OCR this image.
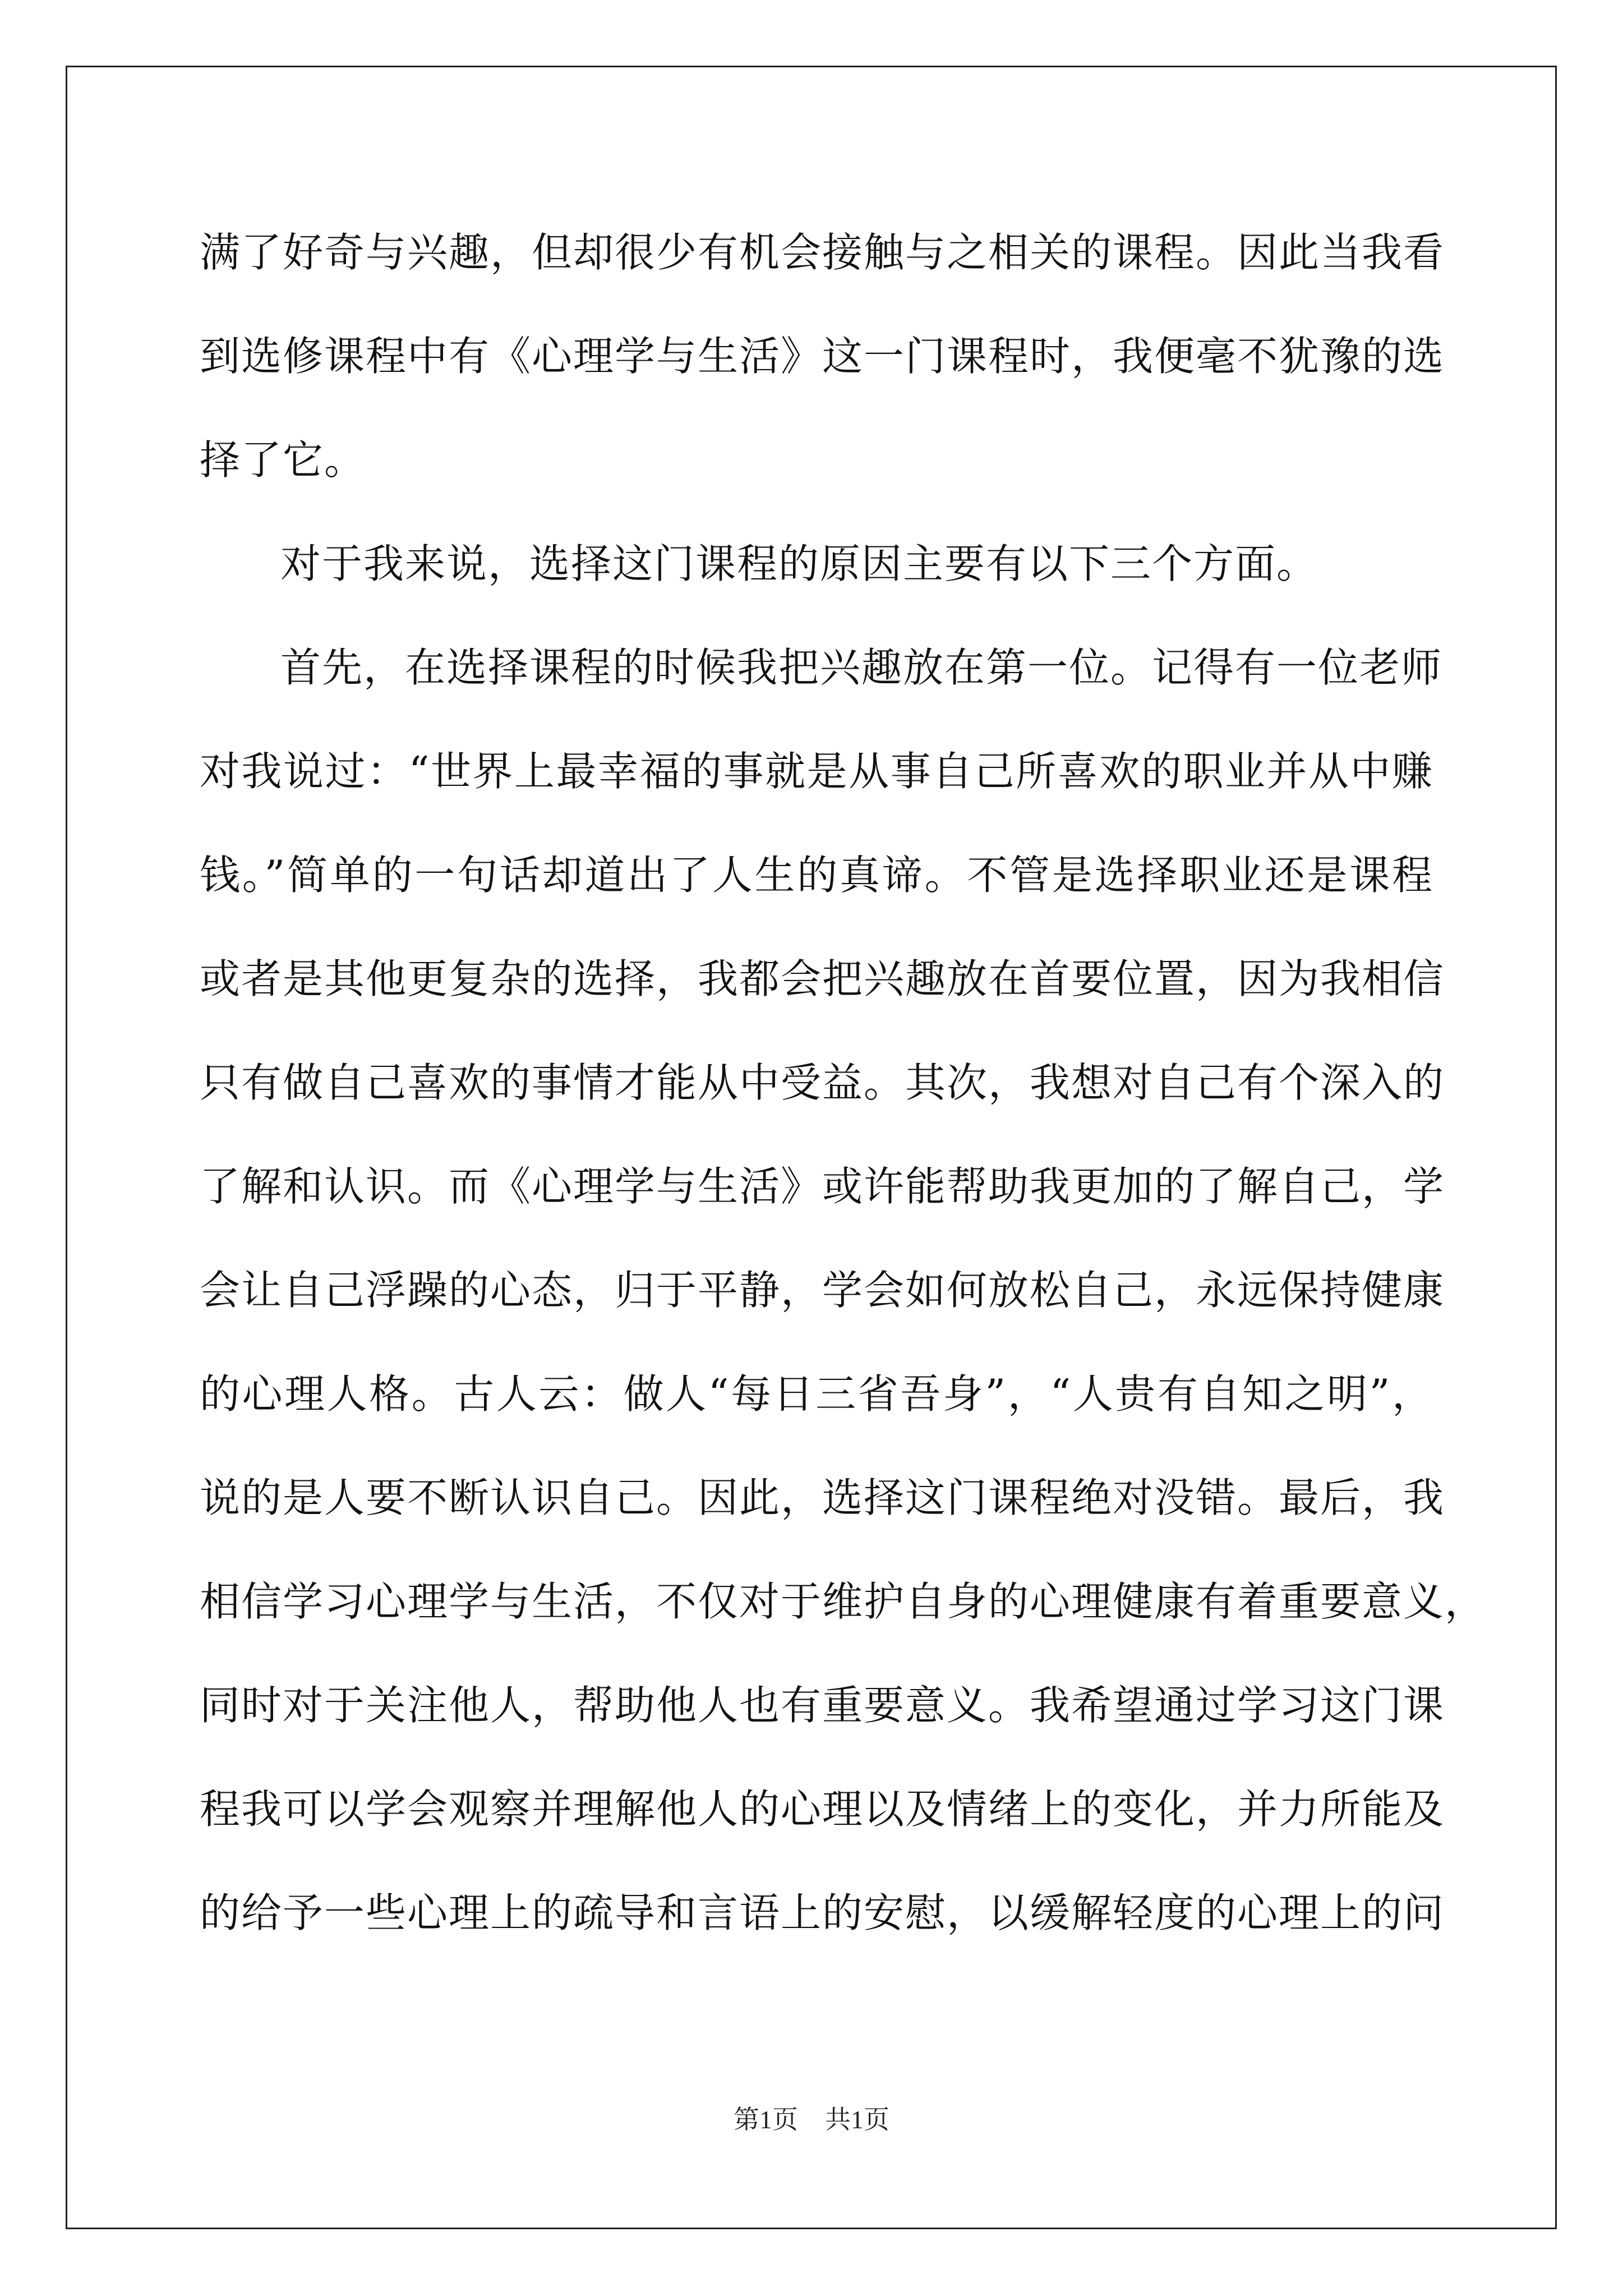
满了好奇与兴趣，但却很少有机会接触与之相关的课程。因此当我看
到选修课程中有《心理学与生活》这一门课程时，我便毫不犹豫的选
择了它。
对于我来说，选择这门课程的原因主要有以下三个方面。
首先，在选择课程的时候我把兴趣放在第一位。记得有一位老师
对我说过：“世界上最幸福的事就是从事自己所喜欢的职业并从中赚
钱。”简单的一句话却道出了人生的真谛。不管是选择职业还是课程
或者是其他更复杂的选择，我都会把兴趣放在首要位置，因为我相信
只有做自己喜欢的事情才能从中受益。其次，我想对自己有个深入的
了解和认识。而《心理学与生活》或许能帮助我更加的了解自己，学
会让自己浮躁的心态，归于平静，学会如何放松自己，永远保持健康
的心理人格。古人云：做人“每日三省吾身”，“人贵有自知之明”，
说的是人要不断认识自己。因此，选择这门课程绝对没错。最后，我
相信学习心理学与生活，不仅对于维护自身的心理健康有着重要意义，
同时对于关注他人，帮助他人也有重要意义。我希望通过学习这门课
程我可以学会观察并理解他人的心理以及情绪上的变化，并力所能及
的给予一些心理上的疏导和言语上的安慰，以缓解轻度的心理上的问
第1页 共1页
